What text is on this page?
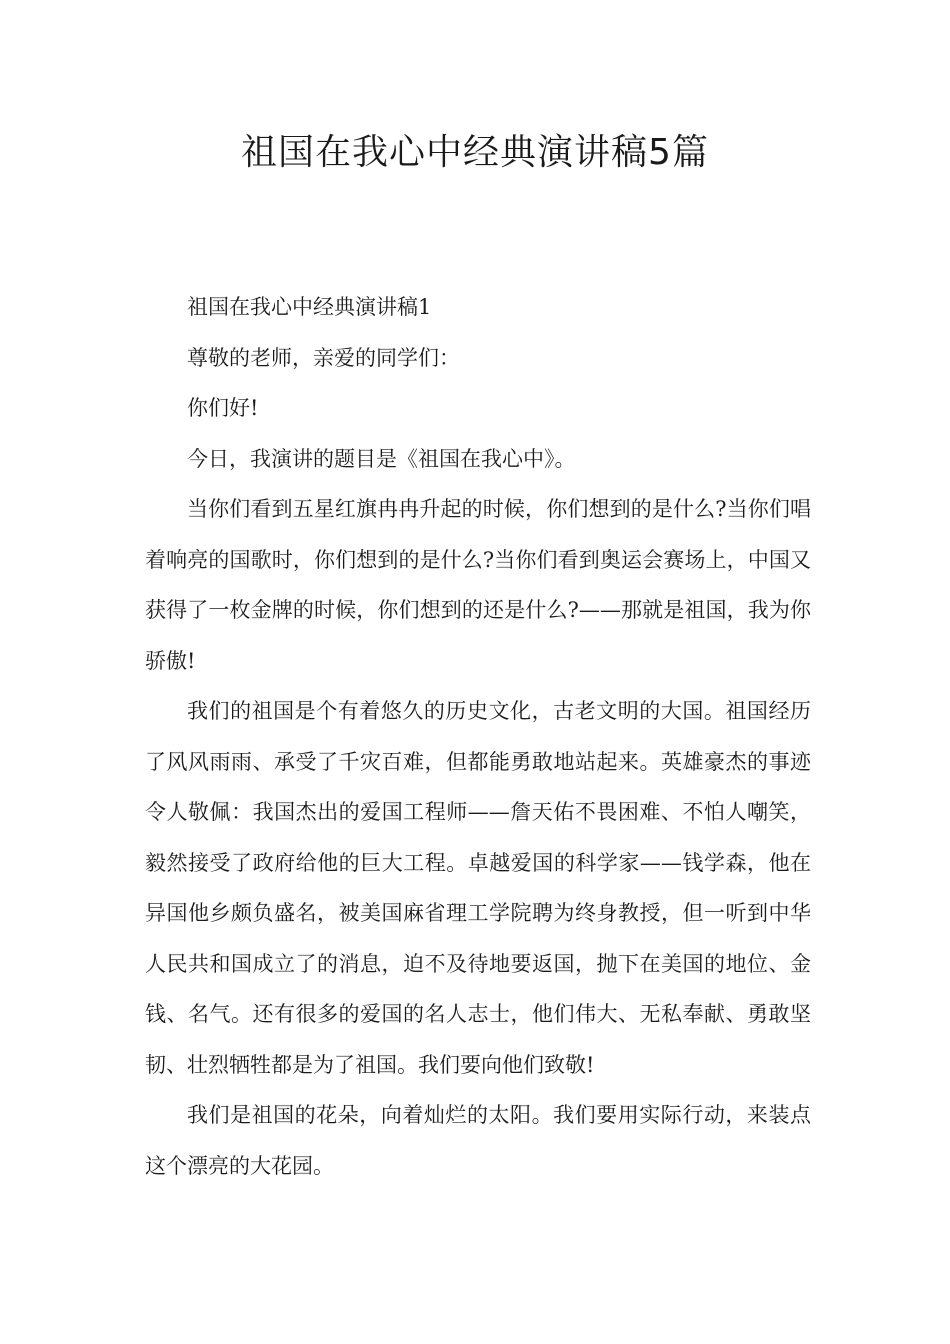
祖国在我心中经典演讲稿5篇

祖国在我心中经典演讲稿1

尊敬的老师，亲爱的同学们：

你们好!

今日，我演讲的题目是《祖国在我心中》。

当你们看到五星红旗冉冉升起的时候，你们想到的是什么?当你们唱着响亮的国歌时，你们想到的是什么?当你们看到奥运会赛场上，中国又获得了一枚金牌的时候，你们想到的还是什么?——那就是祖国，我为你骄傲!

我们的祖国是个有着悠久的历史文化，古老文明的大国。祖国经历了风风雨雨、承受了千灾百难，但都能勇敢地站起来。英雄豪杰的事迹令人敬佩：我国杰出的爱国工程师——詹天佑不畏困难、不怕人嘲笑，毅然接受了政府给他的巨大工程。卓越爱国的科学家——钱学森，他在异国他乡颇负盛名，被美国麻省理工学院聘为终身教授，但一听到中华人民共和国成立了的消息，迫不及待地要返国，抛下在美国的地位、金钱、名气。还有很多的爱国的名人志士，他们伟大、无私奉献、勇敢坚韧、壮烈牺牲都是为了祖国。我们要向他们致敬!

我们是祖国的花朵，向着灿烂的太阳。我们要用实际行动，来装点这个漂亮的大花园。
